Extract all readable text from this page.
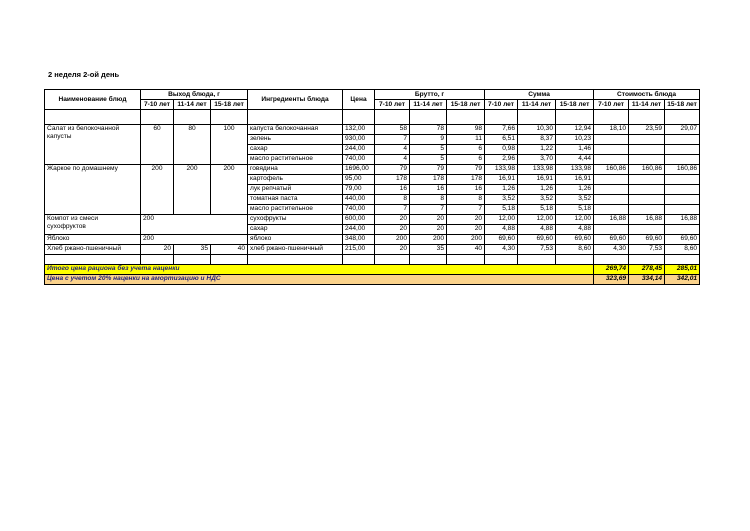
2 неделя 2-ой день
Наименование блюд	Выход блюда, г			Ингредиенты блюда	Цена	Брутто, г			Сумма			Стоимость блюда		
	7-10 лет	11-14 лет	15-18 лет			7-10 лет	11-14 лет	15-18 лет	7-10 лет	11-14 лет	15-18 лет	7-10 лет	11-14 лет	15-18 лет

Салат из белокочанной капусты	60	80	100	капуста белокочанная	132,00	58	78	98	7,66	10,30	12,94	18,10	23,59	29,07
				зелень	930,00	7	9	11	6,51	8,37	10,23			
				сахар	244,00	4	5	6	0,98	1,22	1,46			
				масло растительное	740,00	4	5	6	2,96	3,70	4,44			
Жаркое по домашнему	200	200	200	говядина	1696,00	79	79	79	133,98	133,98	133,98	160,86	160,86	160,86
				картофель	95,00	178	178	178	16,91	16,91	16,91			
				лук репчатый	79,00	16	16	16	1,26	1,26	1,26			
				томатная паста	440,00	8	8	8	3,52	3,52	3,52			
				масло растительное	740,00	7	7	7	5,18	5,18	5,18			
Компот из смеси сухофруктов	200			сухофрукты	600,00	20	20	20	12,00	12,00	12,00	16,88	16,88	16,88
				сахар	244,00	20	20	20	4,88	4,88	4,88			
Яблоко	200			яблоко	348,00	200	200	200	69,60	69,60	69,60	69,60	69,60	69,60
Хлеб ржано-пшеничный	20	35	40	хлеб ржано-пшеничный	215,00	20	35	40	4,30	7,53	8,60	4,30	7,53	8,60

Итого цена рациона без учета наценки												269,74	278,45	285,01
Цена с учетом 20% наценки на амортизацию и НДС												323,69	334,14	342,01
